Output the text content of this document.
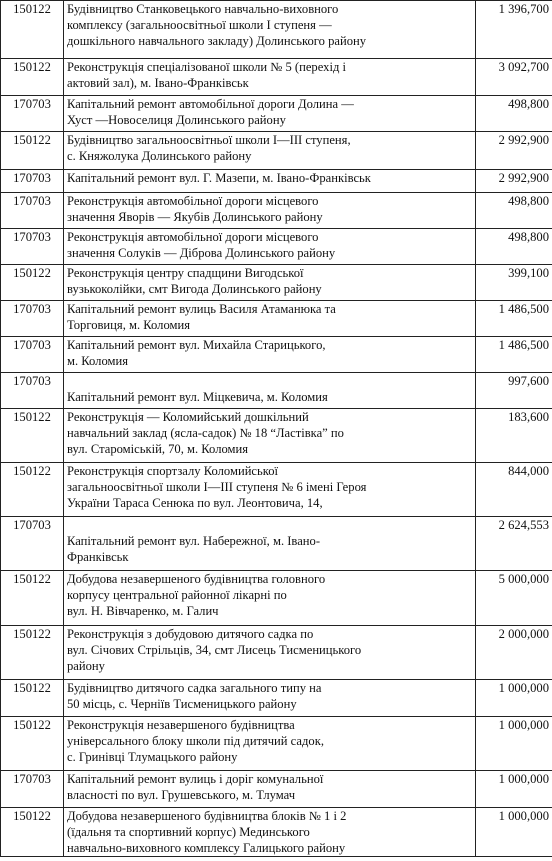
150122	Будівництво Станковецького навчально-виховного
комплексу (загальноосвітньої школи І ступеня —
дошкільного навчального закладу) Долинського району	1 396,700
150122	Реконструкція спеціалізованої школи № 5 (перехід і
актовий зал), м. Івано-Франківськ	3 092,700
170703	Капітальний ремонт автомобільної дороги Долина —
Хуст —Новоселиця Долинського району	498,800
150122	Будівництво загальноосвітньої школи І—ІІІ ступеня,
с. Княжолука Долинського району	2 992,900
170703	Капітальний ремонт вул. Г. Мазепи, м. Івано-Франківськ	2 992,900
170703	Реконструкція автомобільної дороги місцевого
значення Яворів — Якубів Долинського району	498,800
170703	Реконструкція автомобільної дороги місцевого
значення Солуків — Діброва Долинського району	498,800
150122	Реконструкція центру спадщини Вигодської
вузькоколійки, смт Вигода Долинського району	399,100
170703	Капітальний ремонт вулиць Василя Атаманюка та
Торговиця, м. Коломия	1 486,500
170703	Капітальний ремонт вул. Михайла Старицького,
м. Коломия	1 486,500
170703	Капітальний ремонт вул. Міцкевича, м. Коломия	997,600
150122	Реконструкція — Коломийський дошкільний
навчальний заклад (ясла-садок) № 18 “Ластівка” по
вул. Староміській, 70, м. Коломия	183,600
150122	Реконструкція спортзалу Коломийської
загальноосвітньої школи І—ІІІ ступеня № 6 імені Героя
України Тараса Сенюка по вул. Леонтовича, 14,	844,000
170703	Капітальний ремонт вул. Набережної, м. Івано-
Франківськ	2 624,553
150122	Добудова незавершеного будівництва головного
корпусу центральної районної лікарні по
вул. Н. Вівчаренко, м. Галич	5 000,000
150122	Реконструкція з добудовою дитячого садка по
вул. Січових Стрільців, 34, смт Лисець Тисменицького
району	2 000,000
150122	Будівництво дитячого садка загального типу на
50 місць, с. Черніїв Тисменицького району	1 000,000
150122	Реконструкція незавершеного будівництва
універсального блоку школи під дитячий садок,
с. Гринівці Тлумацького району	1 000,000
170703	Капітальний ремонт вулиць і доріг комунальної
власності по вул. Грушевського, м. Тлумач	1 000,000
150122	Добудова незавершеного будівництва блоків № 1 і 2
(їдальня та спортивний корпус) Мединського
навчально-виховного комплексу Галицького району	1 000,000
